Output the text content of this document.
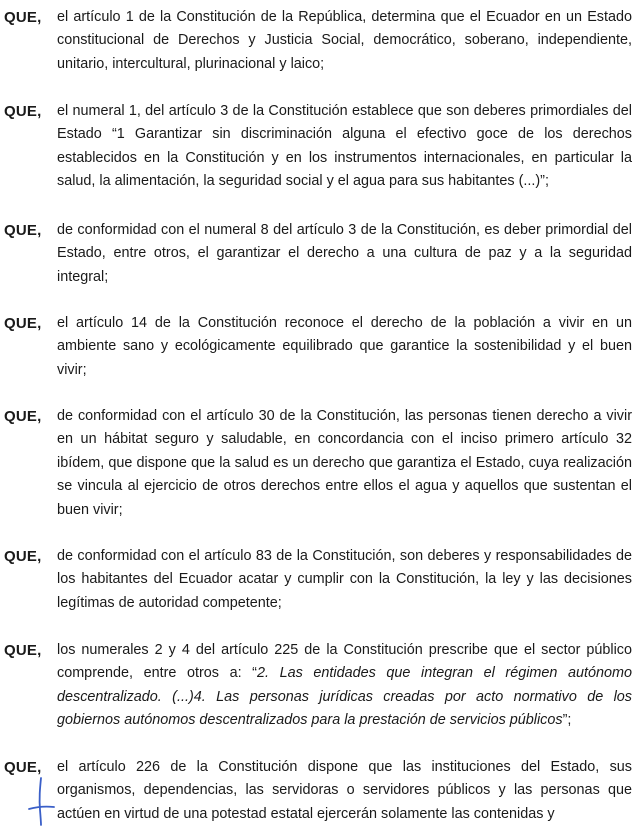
QUE, el artículo 1 de la Constitución de la República, determina que el Ecuador en un Estado constitucional de Derechos y Justicia Social, democrático, soberano, independiente, unitario, intercultural, plurinacional y laico;
QUE, el numeral 1, del artículo 3 de la Constitución establece que son deberes primordiales del Estado “1 Garantizar sin discriminación alguna el efectivo goce de los derechos establecidos en la Constitución y en los instrumentos internacionales, en particular la salud, la alimentación, la seguridad social y el agua para sus habitantes (...)”;
QUE, de conformidad con el numeral 8 del artículo 3 de la Constitución, es deber primordial del Estado, entre otros, el garantizar el derecho a una cultura de paz y a la seguridad integral;
QUE, el artículo 14 de la Constitución reconoce el derecho de la población a vivir en un ambiente sano y ecológicamente equilibrado que garantice la sostenibilidad y el buen vivir;
QUE, de conformidad con el artículo 30 de la Constitución, las personas tienen derecho a vivir en un hábitat seguro y saludable, en concordancia con el inciso primero artículo 32 ibídem, que dispone que la salud es un derecho que garantiza el Estado, cuya realización se vincula al ejercicio de otros derechos entre ellos el agua y aquellos que sustentan el buen vivir;
QUE, de conformidad con el artículo 83 de la Constitución, son deberes y responsabilidades de los habitantes del Ecuador acatar y cumplir con la Constitución, la ley y las decisiones legítimas de autoridad competente;
QUE, los numerales 2 y 4 del artículo 225 de la Constitución prescribe que el sector público comprende, entre otros a: “2. Las entidades que integran el régimen autónomo descentralizado. (...)4. Las personas jurídicas creadas por acto normativo de los gobiernos autónomos descentralizados para la prestación de servicios públicos”;
QUE, el artículo 226 de la Constitución dispone que las instituciones del Estado, sus organismos, dependencias, las servidoras o servidores públicos y las personas que actúen en virtud de una potestad estatal ejercerán solamente las contenidas y
